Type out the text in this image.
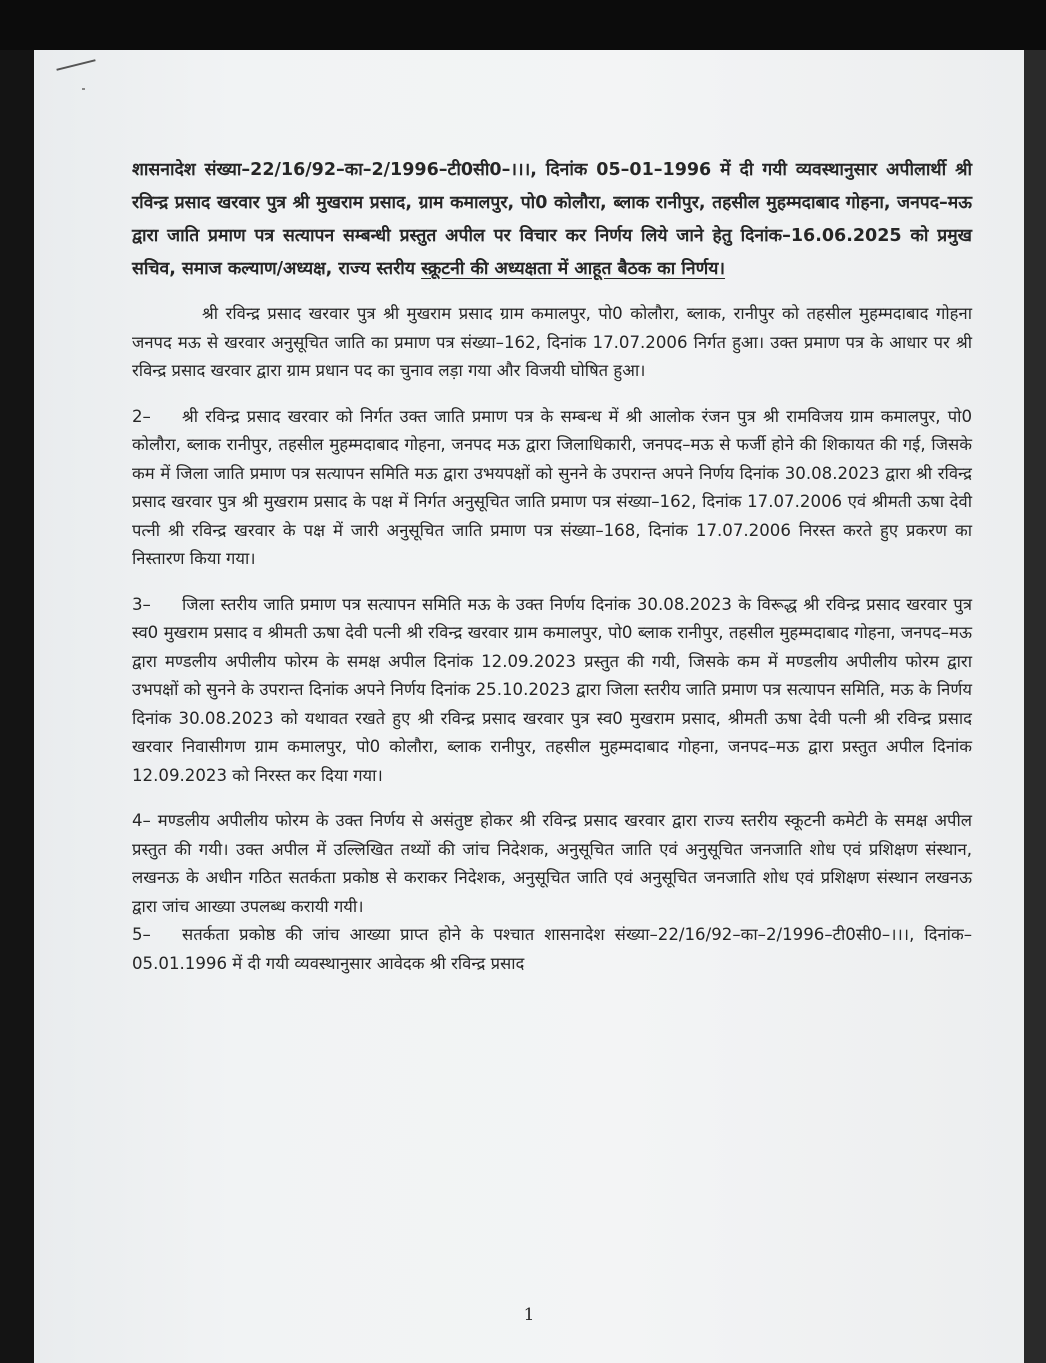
शासनादेश संख्या–22/16/92–का–2/1996–टी0सी0–।।।, दिनांक 05–01–1996 में दी गयी व्यवस्थानुसार अपीलार्थी श्री रविन्द्र प्रसाद खरवार पुत्र श्री मुखराम प्रसाद, ग्राम कमालपुर, पो0 कोलौरा, ब्लाक रानीपुर, तहसील मुहम्मदाबाद गोहना, जनपद–मऊ द्वारा जाति प्रमाण पत्र सत्यापन सम्बन्धी प्रस्तुत अपील पर विचार कर निर्णय लिये जाने हेतु दिनांक–16.06.2025 को प्रमुख सचिव, समाज कल्याण/अध्यक्ष, राज्य स्तरीय स्क्रूटनी की अध्यक्षता में आहूत बैठक का निर्णय।

श्री रविन्द्र प्रसाद खरवार पुत्र श्री मुखराम प्रसाद ग्राम कमालपुर, पो0 कोलौरा, ब्लाक, रानीपुर को तहसील मुहम्मदाबाद गोहना जनपद मऊ से खरवार अनुसूचित जाति का प्रमाण पत्र संख्या–162, दिनांक 17.07.2006 निर्गत हुआ। उक्त प्रमाण पत्र के आधार पर श्री रविन्द्र प्रसाद खरवार द्वारा ग्राम प्रधान पद का चुनाव लड़ा गया और विजयी घोषित हुआ।

2– श्री रविन्द्र प्रसाद खरवार को निर्गत उक्त जाति प्रमाण पत्र के सम्बन्ध में श्री आलोक रंजन पुत्र श्री रामविजय ग्राम कमालपुर, पो0 कोलौरा, ब्लाक रानीपुर, तहसील मुहम्मदाबाद गोहना, जनपद मऊ द्वारा जिलाधिकारी, जनपद–मऊ से फर्जी होने की शिकायत की गई, जिसके कम में जिला जाति प्रमाण पत्र सत्यापन समिति मऊ द्वारा उभयपक्षों को सुनने के उपरान्त अपने निर्णय दिनांक 30.08.2023 द्वारा श्री रविन्द्र प्रसाद खरवार पुत्र श्री मुखराम प्रसाद के पक्ष में निर्गत अनुसूचित जाति प्रमाण पत्र संख्या–162, दिनांक 17.07.2006 एवं श्रीमती ऊषा देवी पत्नी श्री रविन्द्र खरवार के पक्ष में जारी अनुसूचित जाति प्रमाण पत्र संख्या–168, दिनांक 17.07.2006 निरस्त करते हुए प्रकरण का निस्तारण किया गया।

3– जिला स्तरीय जाति प्रमाण पत्र सत्यापन समिति मऊ के उक्त निर्णय दिनांक 30.08.2023 के विरूद्ध श्री रविन्द्र प्रसाद खरवार पुत्र स्व0 मुखराम प्रसाद व श्रीमती ऊषा देवी पत्नी श्री रविन्द्र खरवार ग्राम कमालपुर, पो0 ब्लाक रानीपुर, तहसील मुहम्मदाबाद गोहना, जनपद–मऊ द्वारा मण्डलीय अपीलीय फोरम के समक्ष अपील दिनांक 12.09.2023 प्रस्तुत की गयी, जिसके कम में मण्डलीय अपीलीय फोरम द्वारा उभपक्षों को सुनने के उपरान्त दिनांक अपने निर्णय दिनांक 25.10.2023 द्वारा जिला स्तरीय जाति प्रमाण पत्र सत्यापन समिति, मऊ के निर्णय दिनांक 30.08.2023 को यथावत रखते हुए श्री रविन्द्र प्रसाद खरवार पुत्र स्व0 मुखराम प्रसाद, श्रीमती ऊषा देवी पत्नी श्री रविन्द्र प्रसाद खरवार निवासीगण ग्राम कमालपुर, पो0 कोलौरा, ब्लाक रानीपुर, तहसील मुहम्मदाबाद गोहना, जनपद–मऊ द्वारा प्रस्तुत अपील दिनांक 12.09.2023 को निरस्त कर दिया गया।

4– मण्डलीय अपीलीय फोरम के उक्त निर्णय से असंतुष्ट होकर श्री रविन्द्र प्रसाद खरवार द्वारा राज्य स्तरीय स्कूटनी कमेटी के समक्ष अपील प्रस्तुत की गयी। उक्त अपील में उल्लिखित तथ्यों की जांच निदेशक, अनुसूचित जाति एवं अनुसूचित जनजाति शोध एवं प्रशिक्षण संस्थान, लखनऊ के अधीन गठित सतर्कता प्रकोष्ठ से कराकर निदेशक, अनुसूचित जाति एवं अनुसूचित जनजाति शोध एवं प्रशिक्षण संस्थान लखनऊ द्वारा जांच आख्या उपलब्ध करायी गयी।

5– सतर्कता प्रकोष्ठ की जांच आख्या प्राप्त होने के पश्चात शासनादेश संख्या–22/16/92–का–2/1996–टी0सी0–।।।, दिनांक–05.01.1996 में दी गयी व्यवस्थानुसार आवेदक श्री रविन्द्र प्रसाद

1
